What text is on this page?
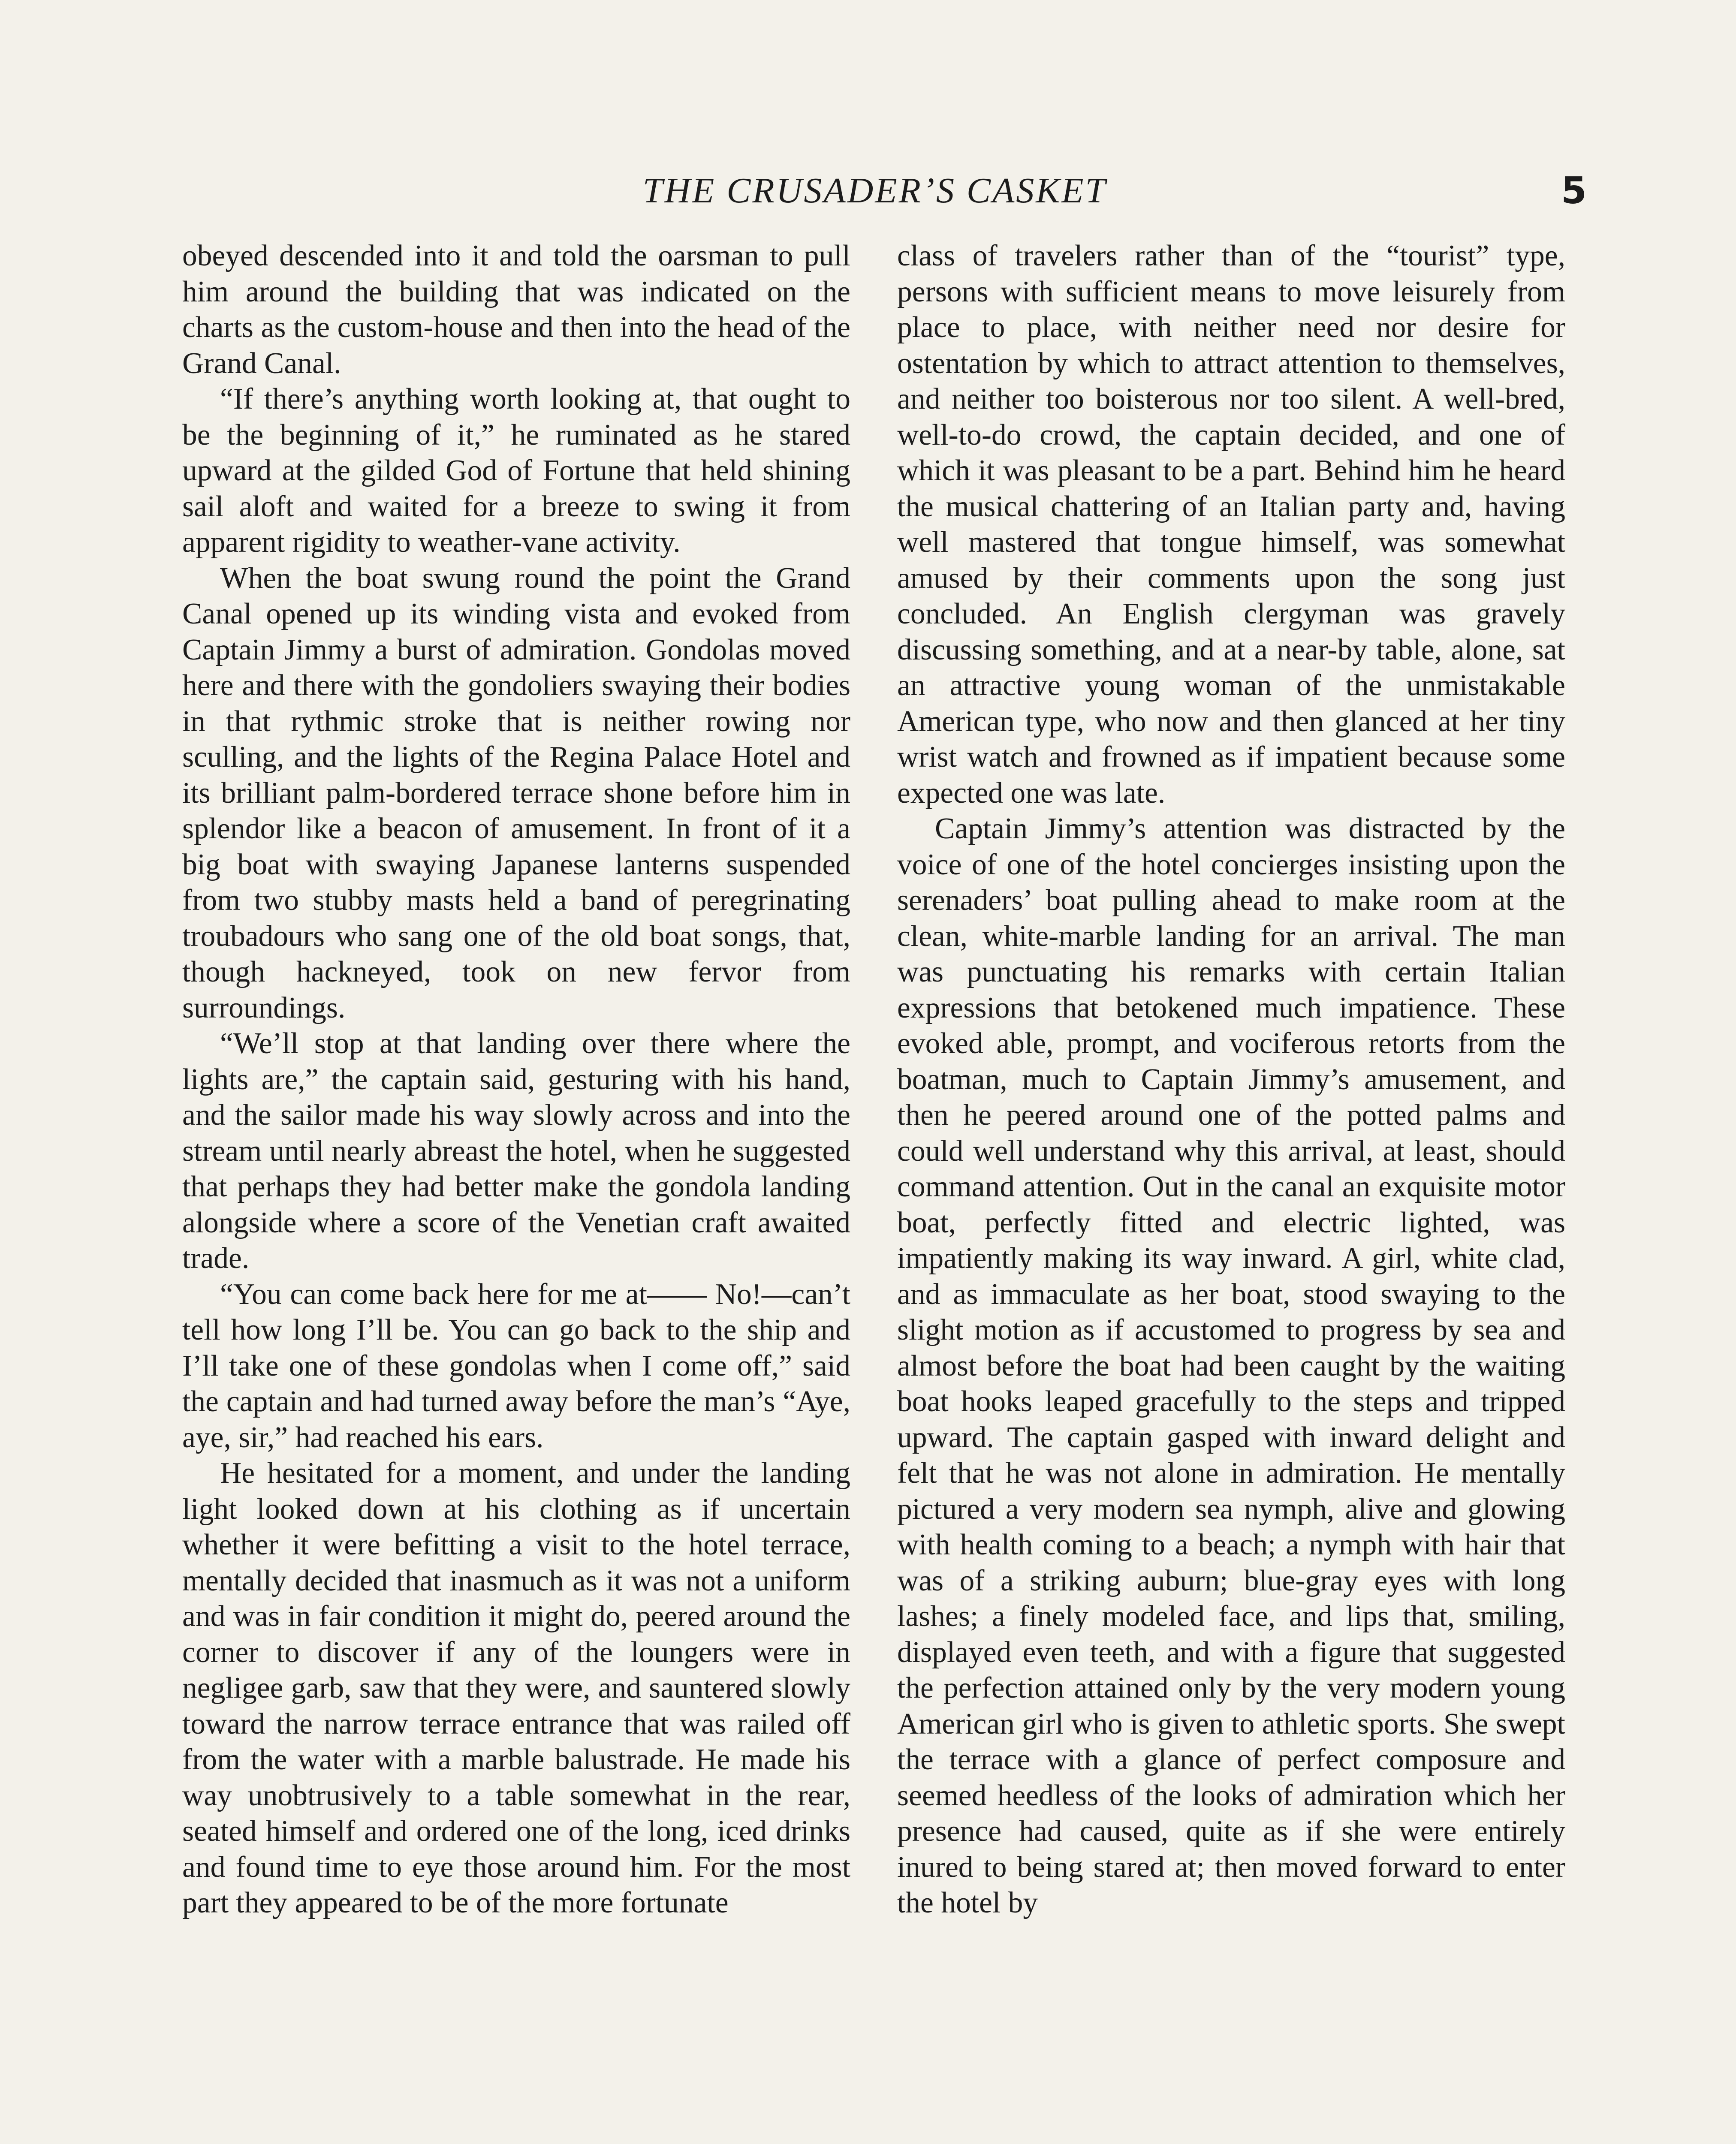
THE CRUSADER’S CASKET	5

obeyed descended into it and told the oarsman to pull him around the building that was indicated on the charts as the custom-house and then into the head of the Grand Canal.

“If there’s anything worth looking at, that ought to be the beginning of it,” he ruminated as he stared upward at the gilded God of Fortune that held shining sail aloft and waited for a breeze to swing it from apparent rigidity to weather-vane activity.

When the boat swung round the point the Grand Canal opened up its winding vista and evoked from Captain Jimmy a burst of admiration. Gondolas moved here and there with the gondoliers swaying their bodies in that rythmic stroke that is neither rowing nor sculling, and the lights of the Regina Palace Hotel and its brilliant palm-bordered terrace shone before him in splendor like a beacon of amusement. In front of it a big boat with swaying Japanese lanterns suspended from two stubby masts held a band of peregrinating troubadours who sang one of the old boat songs, that, though hackneyed, took on new fervor from surroundings.

“We’ll stop at that landing over there where the lights are,” the captain said, gesturing with his hand, and the sailor made his way slowly across and into the stream until nearly abreast the hotel, when he suggested that perhaps they had better make the gondola landing alongside where a score of the Venetian craft awaited trade.

“You can come back here for me at—— No!—can’t tell how long I’ll be. You can go back to the ship and I’ll take one of these gondolas when I come off,” said the captain and had turned away before the man’s “Aye, aye, sir,” had reached his ears.

He hesitated for a moment, and under the landing light looked down at his clothing as if uncertain whether it were befitting a visit to the hotel terrace, mentally decided that inasmuch as it was not a uniform and was in fair condition it might do, peered around the corner to discover if any of the loungers were in negligee garb, saw that they were, and sauntered slowly toward the narrow terrace entrance that was railed off from the water with a marble balustrade. He made his way unobtrusively to a table somewhat in the rear, seated himself and ordered one of the long, iced drinks and found time to eye those around him. For the most part they appeared to be of the more fortunate

class of travelers rather than of the “tourist” type, persons with sufficient means to move leisurely from place to place, with neither need nor desire for ostentation by which to attract attention to themselves, and neither too boisterous nor too silent. A well-bred, well-to-do crowd, the captain decided, and one of which it was pleasant to be a part. Behind him he heard the musical chattering of an Italian party and, having well mastered that tongue himself, was somewhat amused by their comments upon the song just concluded. An English clergyman was gravely discussing something, and at a near-by table, alone, sat an attractive young woman of the unmistakable American type, who now and then glanced at her tiny wrist watch and frowned as if impatient because some expected one was late.

Captain Jimmy’s attention was distracted by the voice of one of the hotel concierges insisting upon the serenaders’ boat pulling ahead to make room at the clean, white-marble landing for an arrival. The man was punctuating his remarks with certain Italian expressions that betokened much impatience. These evoked able, prompt, and vociferous retorts from the boatman, much to Captain Jimmy’s amusement, and then he peered around one of the potted palms and could well understand why this arrival, at least, should command attention. Out in the canal an exquisite motor boat, perfectly fitted and electric lighted, was impatiently making its way inward. A girl, white clad, and as immaculate as her boat, stood swaying to the slight motion as if accustomed to progress by sea and almost before the boat had been caught by the waiting boat hooks leaped gracefully to the steps and tripped upward. The captain gasped with inward delight and felt that he was not alone in admiration. He mentally pictured a very modern sea nymph, alive and glowing with health coming to a beach; a nymph with hair that was of a striking auburn; blue-gray eyes with long lashes; a finely modeled face, and lips that, smiling, displayed even teeth, and with a figure that suggested the perfection attained only by the very modern young American girl who is given to athletic sports. She swept the terrace with a glance of perfect composure and seemed heedless of the looks of admiration which her presence had caused, quite as if she were entirely inured to being stared at; then moved forward to enter the hotel by
